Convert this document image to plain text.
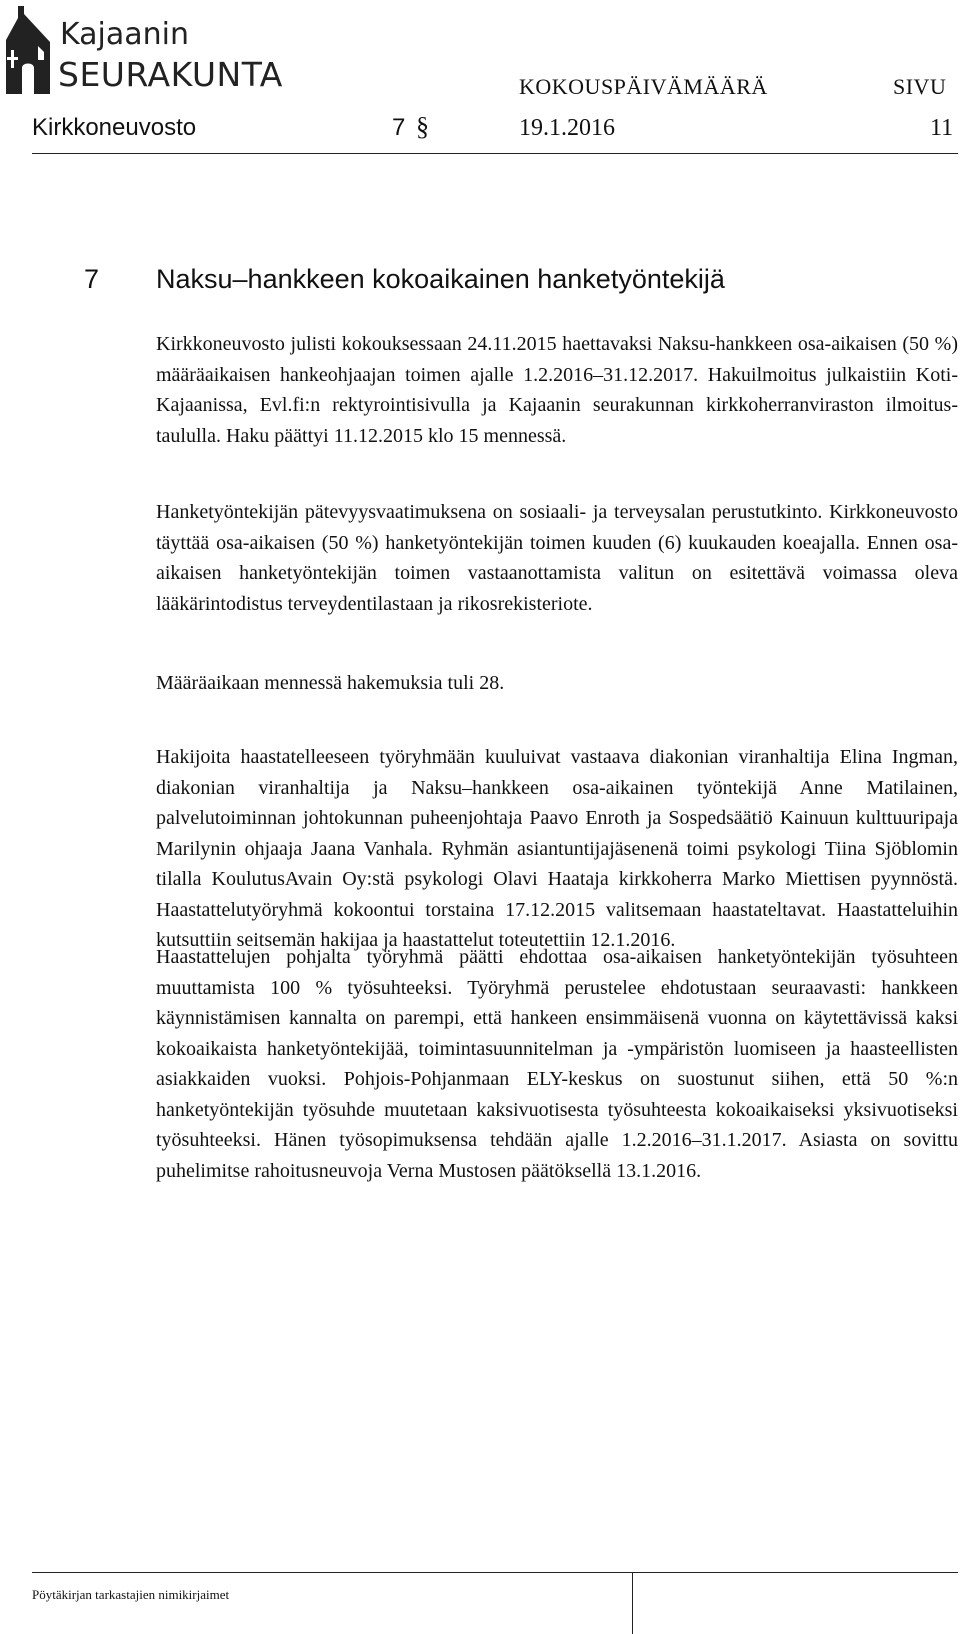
Kajaanin
SEURAKUNTA	KOKOUSPÄIVÄMÄÄRÄ	SIVU
Kirkkoneuvosto	7 §	19.1.2016	11
7 Naksu–hankkeen kokoaikainen hanketyöntekijä

Kirkkoneuvosto julisti kokouksessaan 24.11.2015 haettavaksi Naksu-hankkeen osa-aikaisen (50 %) määräaikaisen hankeohjaajan toimen ajalle 1.2.2016–31.12.2017. Hakuilmoitus julkaistiin Koti-Kajaanissa, Evl.fi:n rektyrointisivulla ja Kajaanin seurakunnan kirkkoherranviraston ilmoitustaululla. Haku päättyi 11.12.2015 klo 15 mennessä.

Hanketyöntekijän pätevyysvaatimuksena on sosiaali- ja terveysalan perustutkinto. Kirkkoneuvosto täyttää osa-aikaisen (50 %) hanketyöntekijän toimen kuuden (6) kuukauden koeajalla. Ennen osa-aikaisen hanketyöntekijän toimen vastaanottamista valitun on esitettävä voimassa oleva lääkärintodistus terveydentilastaan ja rikosrekisteriote.

Määräaikaan mennessä hakemuksia tuli 28.

Hakijoita haastatelleeseen työryhmään kuuluivat vastaava diakonian viranhaltija Elina Ingman, diakonian viranhaltija ja Naksu–hankkeen osa-aikainen työntekijä Anne Matilainen, palvelutoiminnan johtokunnan puheenjohtaja Paavo Enroth ja Sospedsäätiö Kainuun kulttuuripaja Marilynin ohjaaja Jaana Vanhala. Ryhmän asiantuntijajäsenenä toimi psykologi Tiina Sjöblomin tilalla KoulutusAvain Oy:stä psykologi Olavi Haataja kirkkoherra Marko Miettisen pyynnöstä. Haastattelutyöryhmä kokoontui torstaina 17.12.2015 valitsemaan haastateltavat. Haastatteluihin kutsuttiin seitsemän hakijaa ja haastattelut toteutettiin 12.1.2016.

Haastattelujen pohjalta työryhmä päätti ehdottaa osa-aikaisen hanketyöntekijän työsuhteen muuttamista 100 % työsuhteeksi. Työryhmä perustelee ehdotustaan seuraavasti: hankkeen käynnistämisen kannalta on parempi, että hankeen ensimmäisenä vuonna on käytettävissä kaksi kokoaikaista hanketyöntekijää, toimintasuunnitelman ja -ympäristön luomiseen ja haasteellisten asiakkaiden vuoksi. Pohjois-Pohjanmaan ELY-keskus on suostunut siihen, että 50 %:n hanketyöntekijän työsuhde muutetaan kaksivuotisesta työsuhteesta kokoaikaiseksi yksivuotiseksi työsuhteeksi. Hänen työsopimuksensa tehdään ajalle 1.2.2016–31.1.2017. Asiasta on sovittu puhelimitse rahoitusneuvoja Verna Mustosen päätöksellä 13.1.2016.

Pöytäkirjan tarkastajien nimikirjaimet
